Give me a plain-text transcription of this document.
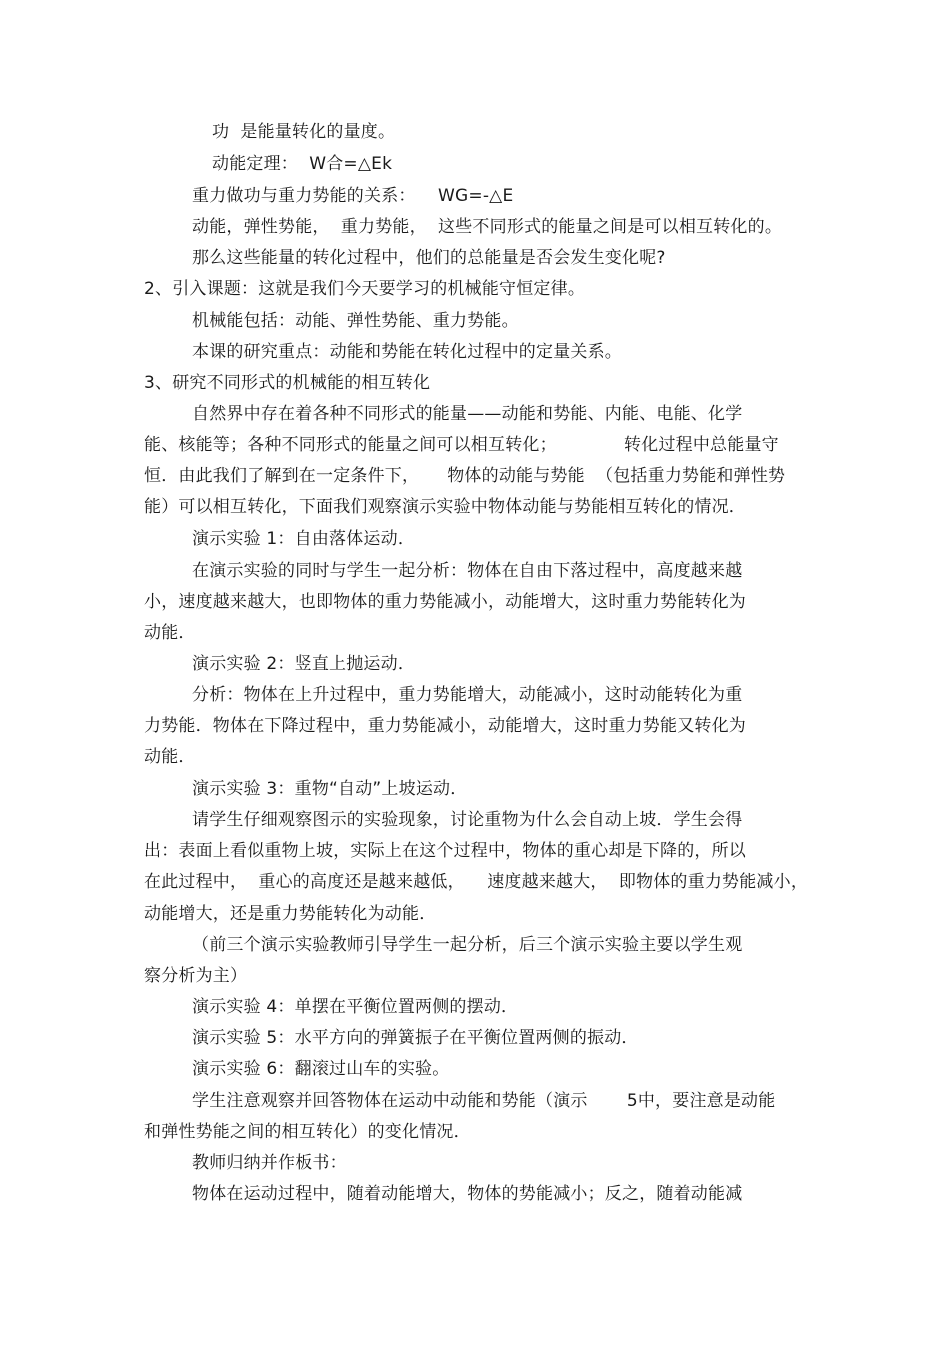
功  是能量转化的量度。
动能定理：  W合=△Ek
重力做功与重力势能的关系：    WG=-△E
动能，弹性势能，  重力势能，  这些不同形式的能量之间是可以相互转化的。
那么这些能量的转化过程中，他们的总能量是否会发生变化呢?
2、引入课题：这就是我们今天要学习的机械能守恒定律。
机械能包括：动能、弹性势能、重力势能。
本课的研究重点：动能和势能在转化过程中的定量关系。
3、研究不同形式的机械能的相互转化
自然界中存在着各种不同形式的能量——动能和势能、内能、电能、化学
能、核能等；各种不同形式的能量之间可以相互转化；            转化过程中总能量守
恒．由此我们了解到在一定条件下，     物体的动能与势能  （包括重力势能和弹性势
能）可以相互转化，下面我们观察演示实验中物体动能与势能相互转化的情况．
演示实验 1：自由落体运动．
在演示实验的同时与学生一起分析：物体在自由下落过程中，高度越来越
小，速度越来越大，也即物体的重力势能减小，动能增大，这时重力势能转化为
动能．
演示实验 2：竖直上抛运动．
分析：物体在上升过程中，重力势能增大，动能减小，这时动能转化为重
力势能．物体在下降过程中，重力势能减小，动能增大，这时重力势能又转化为
动能．
演示实验 3：重物“自动”上坡运动．
请学生仔细观察图示的实验现象，讨论重物为什么会自动上坡．学生会得
出：表面上看似重物上坡，实际上在这个过程中，物体的重心却是下降的，所以
在此过程中，  重心的高度还是越来越低，    速度越来越大，  即物体的重力势能减小，
动能增大，还是重力势能转化为动能．
（前三个演示实验教师引导学生一起分析，后三个演示实验主要以学生观
察分析为主）
演示实验 4：单摆在平衡位置两侧的摆动．
演示实验 5：水平方向的弹簧振子在平衡位置两侧的振动．
演示实验 6：翻滚过山车的实验。
学生注意观察并回答物体在运动中动能和势能（演示       5中，要注意是动能
和弹性势能之间的相互转化）的变化情况．
教师归纳并作板书：
物体在运动过程中，随着动能增大，物体的势能减小；反之，随着动能减
